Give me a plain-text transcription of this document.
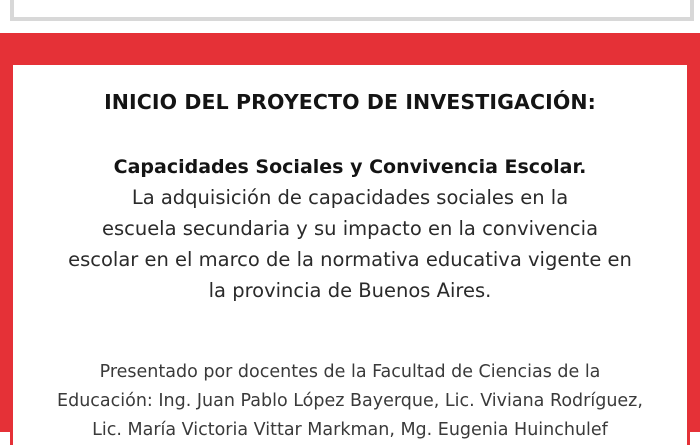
INICIO DEL PROYECTO DE INVESTIGACIÓN:
Capacidades Sociales y Convivencia Escolar.
La adquisición de capacidades sociales en la
escuela secundaria y su impacto en la convivencia
escolar en el marco de la normativa educativa vigente en
la provincia de Buenos Aires.
Presentado por docentes de la Facultad de Ciencias de la
Educación: Ing. Juan Pablo López Bayerque, Lic. Viviana Rodríguez,
Lic. María Victoria Vittar Markman, Mg. Eugenia Huinchulef
